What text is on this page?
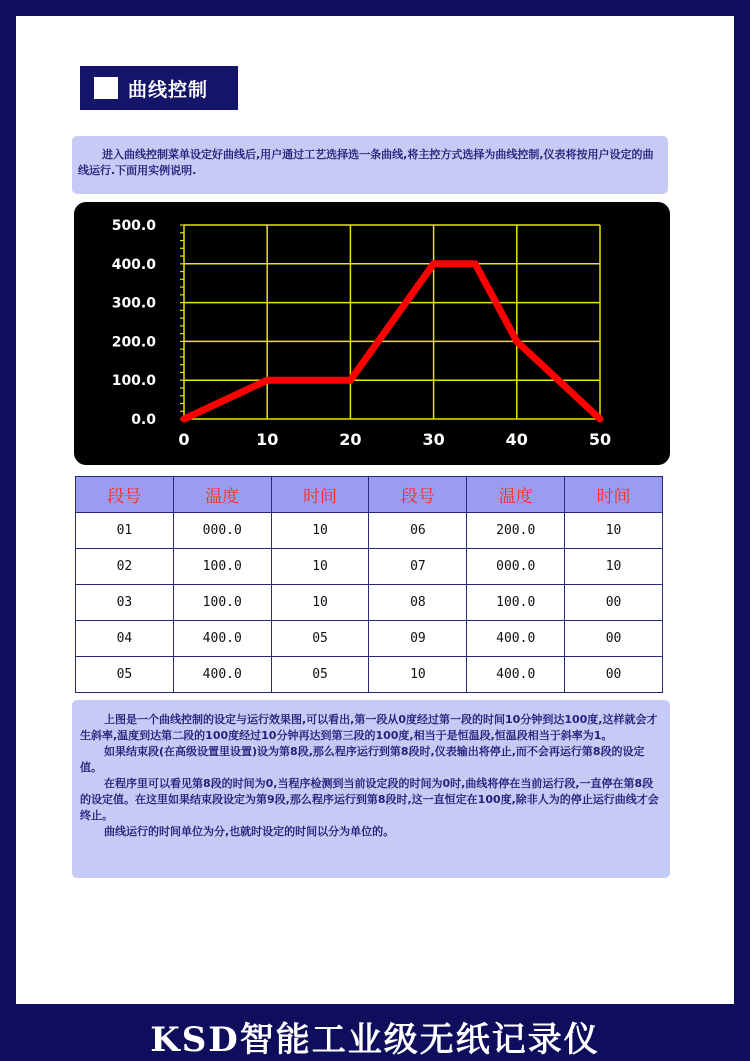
曲线控制

进入曲线控制菜单设定好曲线后,用户通过工艺选择选一条曲线,将主控方式选择为曲线控制,仪表将按用户设定的曲线运行.下面用实例说明.

0.0
100.0
200.0
300.0
400.0
500.0
0	10	20	30	40	50
段号	温度	时间	段号	温度	时间
01	000.0	10	06	200.0	10
02	100.0	10	07	000.0	10
03	100.0	10	08	100.0	00
04	400.0	05	09	400.0	00
05	400.0	05	10	400.0	00

上图是一个曲线控制的设定与运行效果图,可以看出,第一段从0度经过第一段的时间10分钟到达100度,这样就会才生斜率,温度到达第二段的100度经过10分钟再达到第三段的100度,相当于是恒温段,恒温段相当于斜率为1。

如果结束段(在高级设置里设置)设为第8段,那么程序运行到第8段时,仪表输出将停止,而不会再运行第8段的设定值。

在程序里可以看见第8段的时间为0,当程序检测到当前设定段的时间为0时,曲线将停在当前运行段,一直停在第8段的设定值。在这里如果结束段设定为第9段,那么程序运行到第8段时,这一直恒定在100度,除非人为的停止运行曲线才会终止。

曲线运行的时间单位为分,也就时设定的时间以分为单位的。

KSD智能工业级无纸记录仪
